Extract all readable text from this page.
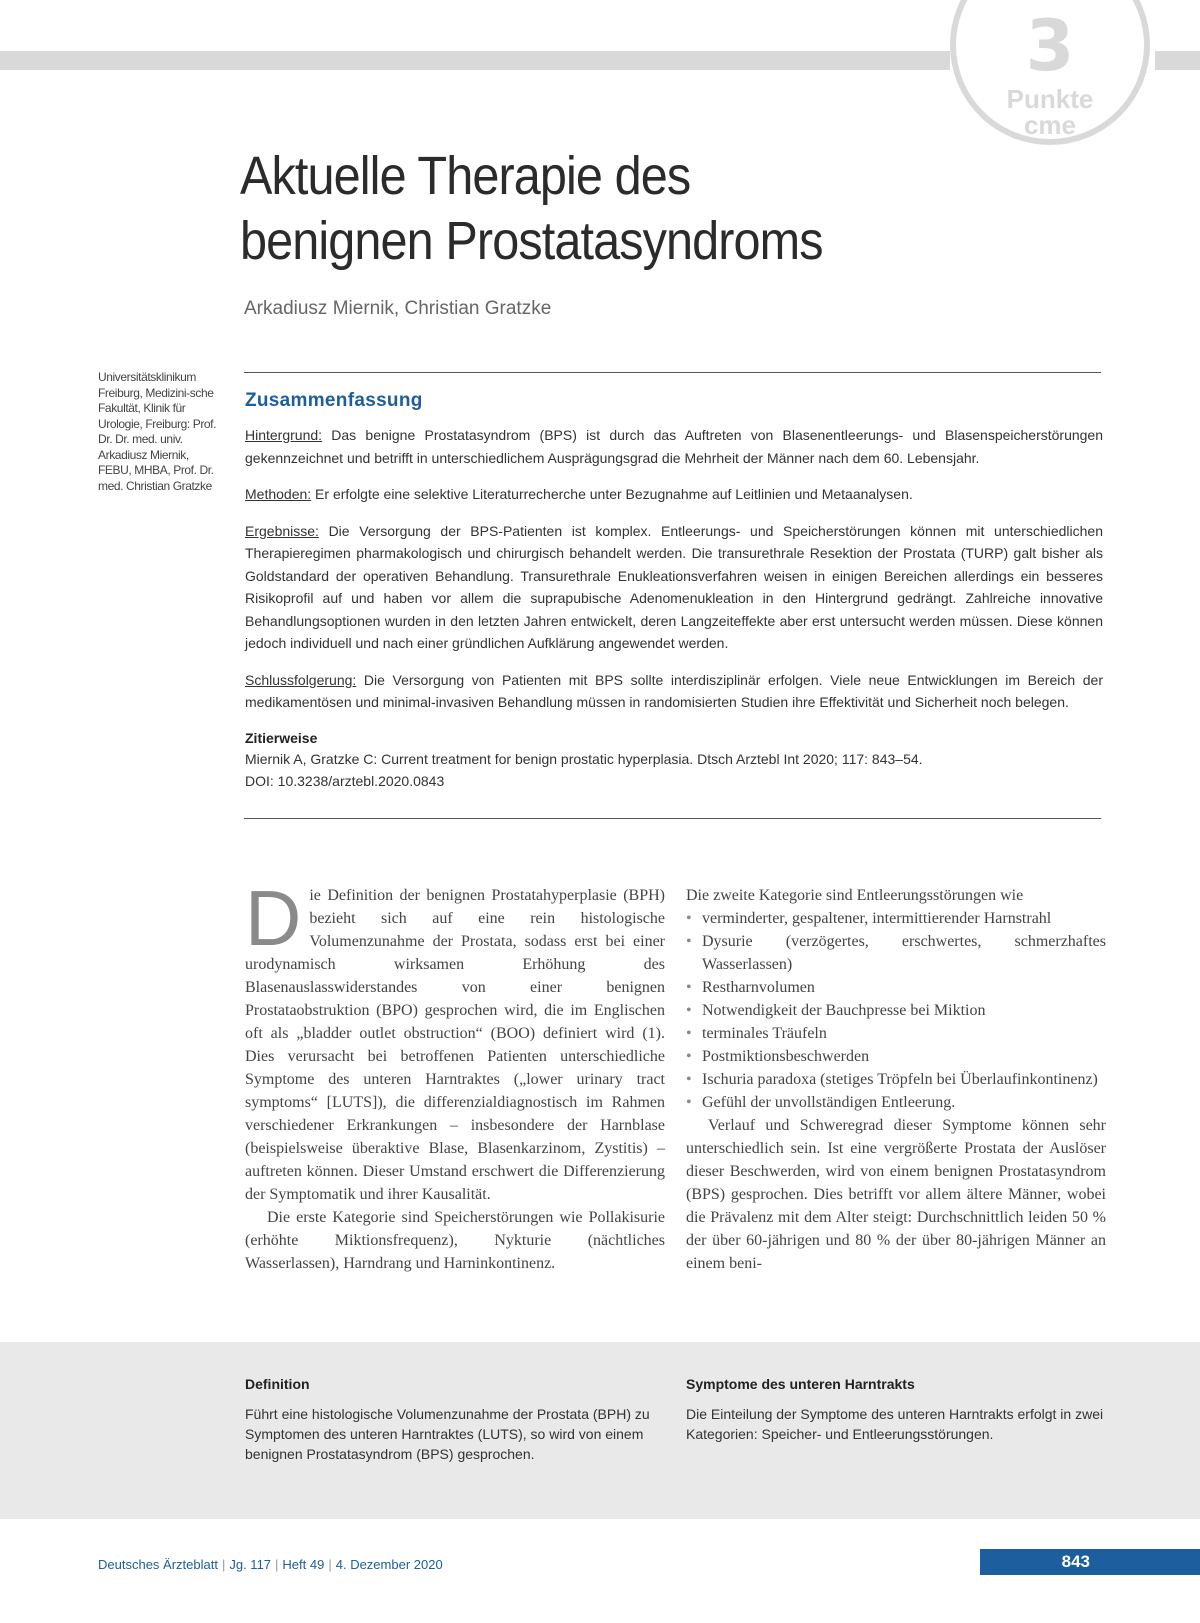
3
Punkte
cme
Aktuelle Therapie des
benignen Prostatasyndroms
Arkadiusz Miernik, Christian Gratzke
Universitätsklinikum Freiburg, Medizini-sche Fakultät, Klinik für Urologie, Freiburg: Prof. Dr. Dr. med. univ. Arkadiusz Miernik, FEBU, MHBA, Prof. Dr. med. Christian Gratzke
Zusammenfassung

Hintergrund: Das benigne Prostatasyndrom (BPS) ist durch das Auftreten von Blasenentleerungs- und Blasenspeicherstörungen gekennzeichnet und betrifft in unterschiedlichem Ausprägungsgrad die Mehrheit der Männer nach dem 60. Lebensjahr.

Methoden: Er erfolgte eine selektive Literaturrecherche unter Bezugnahme auf Leitlinien und Metaanalysen.

Ergebnisse: Die Versorgung der BPS-Patienten ist komplex. Entleerungs- und Speicherstörungen können mit unterschiedlichen Therapieregimen pharmakologisch und chirurgisch behandelt werden. Die transurethrale Resektion der Prostata (TURP) galt bisher als Goldstandard der operativen Behandlung. Transurethrale Enukleationsverfahren weisen in einigen Bereichen allerdings ein besseres Risikoprofil auf und haben vor allem die suprapubische Adenomenukleation in den Hintergrund gedrängt. Zahlreiche innovative Behandlungsoptionen wurden in den letzten Jahren entwickelt, deren Langzeiteffekte aber erst untersucht werden müssen. Diese können jedoch individuell und nach einer gründlichen Aufklärung angewendet werden.

Schlussfolgerung: Die Versorgung von Patienten mit BPS sollte interdisziplinär erfolgen. Viele neue Entwicklungen im Bereich der medikamentösen und minimal-invasiven Behandlung müssen in randomisierten Studien ihre Effektivität und Sicherheit noch belegen.

Zitierweise

Miernik A, Gratzke C: Current treatment for benign prostatic hyperplasia. Dtsch Arztebl Int 2020; 117: 843–54.

DOI: 10.3238/arztebl.2020.0843

Die Definition der benignen Prostatahyperplasie (BPH) bezieht sich auf eine rein histologische Volumenzunahme der Prostata, sodass erst bei einer urodynamisch wirksamen Erhöhung des Blasenauslasswiderstandes von einer benignen Prostataobstruktion (BPO) gesprochen wird, die im Englischen oft als „bladder outlet obstruction“ (BOO) definiert wird (1). Dies verursacht bei betroffenen Patienten unterschiedliche Symptome des unteren Harntraktes („lower urinary tract symptoms“ [LUTS]), die differenzialdiagnostisch im Rahmen verschiedener Erkrankungen – insbesondere der Harnblase (beispielsweise überaktive Blase, Blasenkarzinom, Zystitis) – auftreten können. Dieser Umstand erschwert die Differenzierung der Symptomatik und ihrer Kausalität.

Die erste Kategorie sind Speicherstörungen wie Pollakisurie (erhöhte Miktionsfrequenz), Nykturie (nächtliches Wasserlassen), Harndrang und Harninkontinenz.

Die zweite Kategorie sind Entleerungsstörungen wie

• verminderter, gespaltener, intermittierender Harnstrahl
• Dysurie (verzögertes, erschwertes, schmerzhaftes Wasserlassen)
• Restharnvolumen
• Notwendigkeit der Bauchpresse bei Miktion
• terminales Träufeln
• Postmiktionsbeschwerden
• Ischuria paradoxa (stetiges Tröpfeln bei Überlaufinkontinenz)
• Gefühl der unvollständigen Entleerung.

Verlauf und Schweregrad dieser Symptome können sehr unterschiedlich sein. Ist eine vergrößerte Prostata der Auslöser dieser Beschwerden, wird von einem benignen Prostatasyndrom (BPS) gesprochen. Dies betrifft vor allem ältere Männer, wobei die Prävalenz mit dem Alter steigt: Durchschnittlich leiden 50 % der über 60-jährigen und 80 % der über 80-jährigen Männer an einem beni-

Definition

Führt eine histologische Volumenzunahme der Prostata (BPH) zu Symptomen des unteren Harntraktes (LUTS), so wird von einem benignen Prostatasyndrom (BPS) gesprochen.

Symptome des unteren Harntrakts

Die Einteilung der Symptome des unteren Harntrakts erfolgt in zwei Kategorien: Speicher- und Entleerungsstörungen.

Deutsches Ärzteblatt | Jg. 117 | Heft 49 | 4. Dezember 2020	843
